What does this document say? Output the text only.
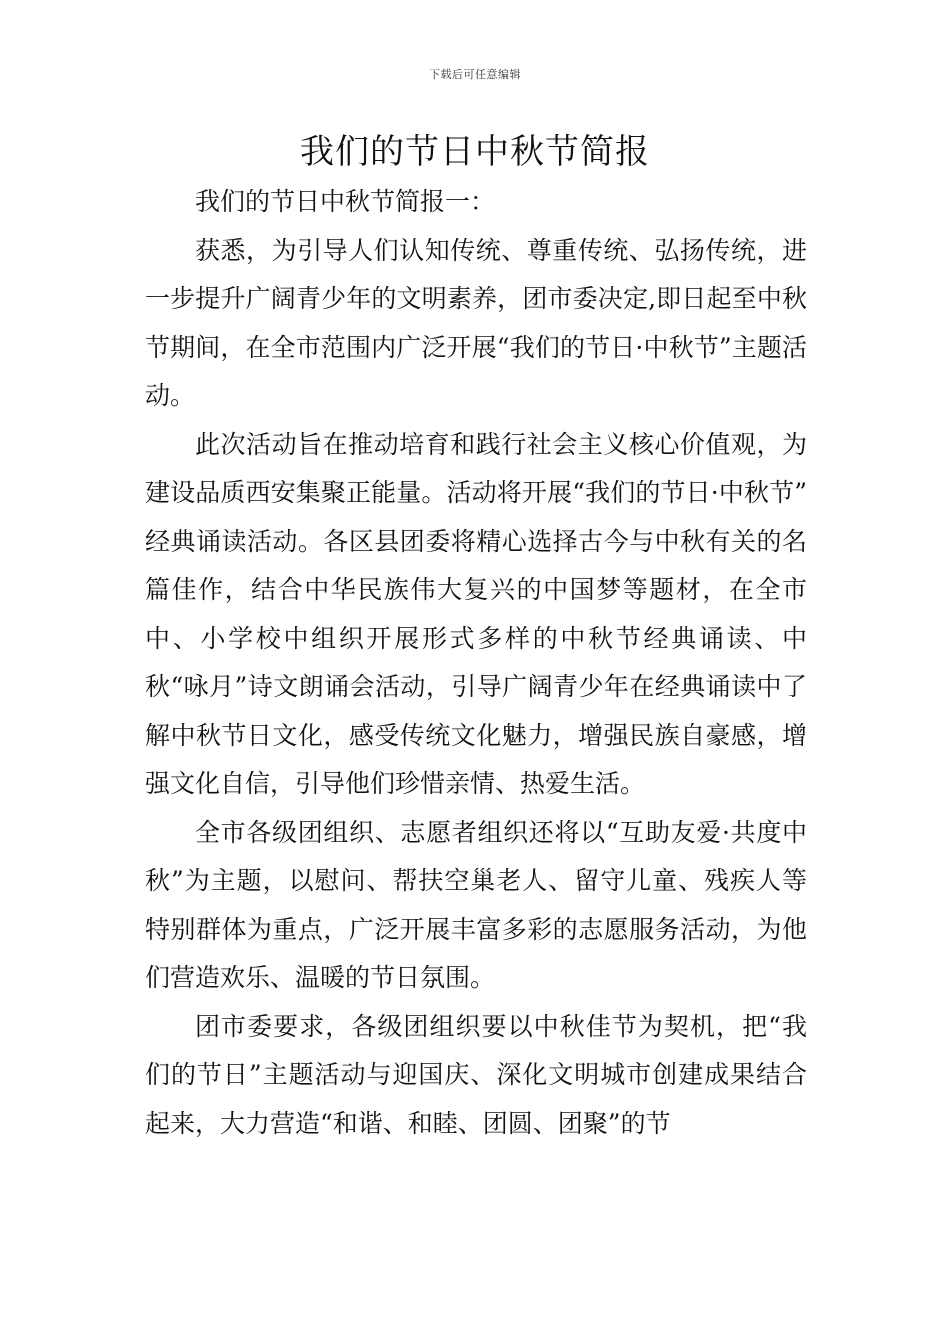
下载后可任意编辑
我们的节日中秋节简报

我们的节日中秋节简报一：

获悉，为引导人们认知传统、尊重传统、弘扬传统，进一步提升广阔青少年的文明素养，团市委决定,即日起至中秋节期间，在全市范围内广泛开展“我们的节日·中秋节”主题活动。

此次活动旨在推动培育和践行社会主义核心价值观，为建设品质西安集聚正能量。活动将开展“我们的节日·中秋节” 经典诵读活动。各区县团委将精心选择古今与中秋有关的名篇佳作，结合中华民族伟大复兴的中国梦等题材，在全市中、小学校中组织开展形式多样的中秋节经典诵读、中秋“咏月”诗文朗诵会活动，引导广阔青少年在经典诵读中了解中秋节日文化，感受传统文化魅力，增强民族自豪感，增强文化自信，引导他们珍惜亲情、热爱生活。

全市各级团组织、志愿者组织还将以“互助友爱·共度中秋”为主题，以慰问、帮扶空巢老人、留守儿童、残疾人等特别群体为重点，广泛开展丰富多彩的志愿服务活动，为他们营造欢乐、温暖的节日氛围。

团市委要求，各级团组织要以中秋佳节为契机，把“我们的节日”主题活动与迎国庆、深化文明城市创建成果结合起来，大力营造“和谐、和睦、团圆、团聚”的节
